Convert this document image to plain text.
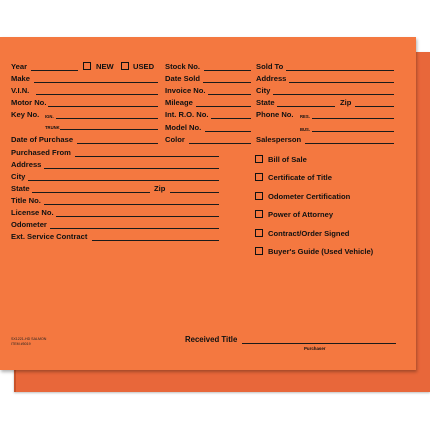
Year	NEW	USED
Make
V.I.N.
Motor No.
Key No. IGN.
TRUNK
Date of Purchase
Purchased From
Address
City
State	Zip
Title No.
License No.
Odometer
Ext. Service Contract
Stock No.
Date Sold
Invoice No.
Mileage
Int. R.O. No.
Model No.
Color
Sold To
Address
City
State	Zip
Phone No. RES.
BUS.
Salesperson
Bill of Sale
Certificate of Title
Odometer Certification
Power of Attorney
Contract/Order Signed
Buyer's Guide (Used Vehicle)
SX1221-HD SALMON
ITEM #5019	Received Title
Purchaser
